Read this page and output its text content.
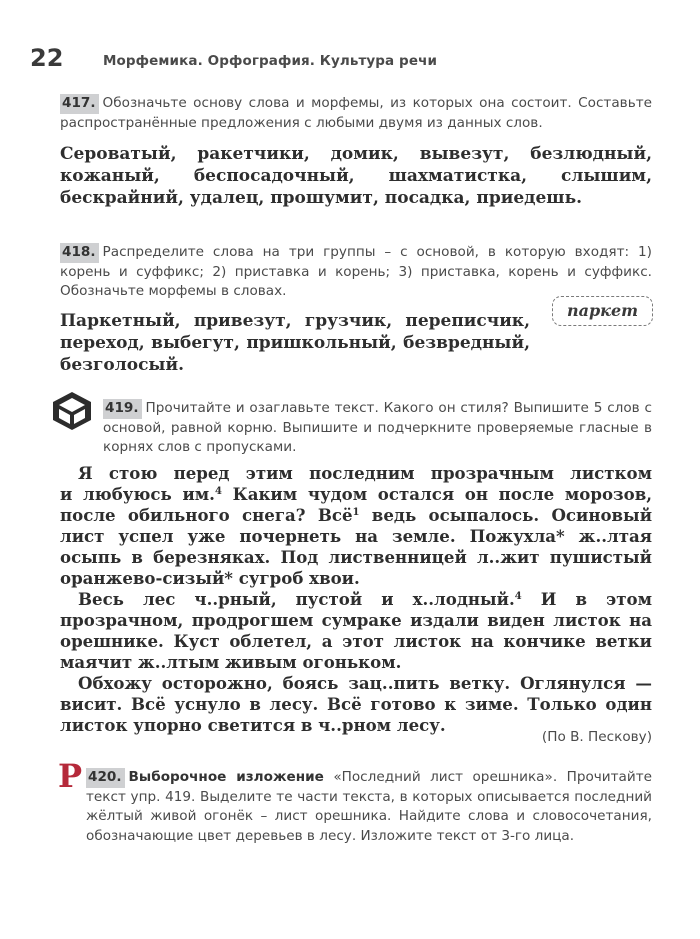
22	Морфемика. Орфография. Культура речи

417. Обозначьте основу слова и морфемы, из которых она состоит. Составьте распространённые предложения с любыми двумя из данных слов.

Сероватый, ракетчики, домик, вывезут, безлюдный,
кожаный, беспосадочный, шахматистка, слышим,
бескрайний, удалец, прошумит, посадка, приедешь.

418. Распределите слова на три группы – с основой, в которую входят: 1) корень и суффикс; 2) приставка и корень; 3) приставка, корень и суффикс. Обозначьте морфемы в словах.

Паркетный, привезут, грузчик, переписчик,
переход, выбегут, пришкольный, безвредный,
безголосый.
паркет

419. Прочитайте и озаглавьте текст. Какого он стиля? Выпишите 5 слов с основой, равной корню. Выпишите и подчеркните проверяемые гласные в корнях слов с пропусками.

Я стою перед этим последним прозрачным листком
и любуюсь им.$^4$ Каким чудом остался он после морозов,
после обильного снега? Всё$^1$ ведь осыпалось. Осиновый
лист успел уже почернеть на земле. Пожухла* ж..лтая
осыпь в березняках. Под лиственницей л..жит пушистый
оранжево-сизый* сугроб хвои.
Весь лес ч..рный, пустой и х..лодный.$^4$ И в этом
прозрачном, продрогшем сумраке издали виден листок на
орешнике. Куст облетел, а этот листок на кончике ветки
маячит ж..лтым живым огоньком.
Обхожу осторожно, боясь зац..пить ветку. Оглянулся —
висит. Всё уснуло в лесу. Всё готово к зиме. Только один
листок упорно светится в ч..рном лесу.
(По В. Пескову)
Р 420. Выборочное изложение «Последний лист орешника». Прочитайте текст упр. 419. Выделите те части текста, в которых описывается последний жёлтый живой огонёк – лист орешника. Найдите слова и словосочетания, обозначающие цвет деревьев в лесу. Изложите текст от 3-го лица.
